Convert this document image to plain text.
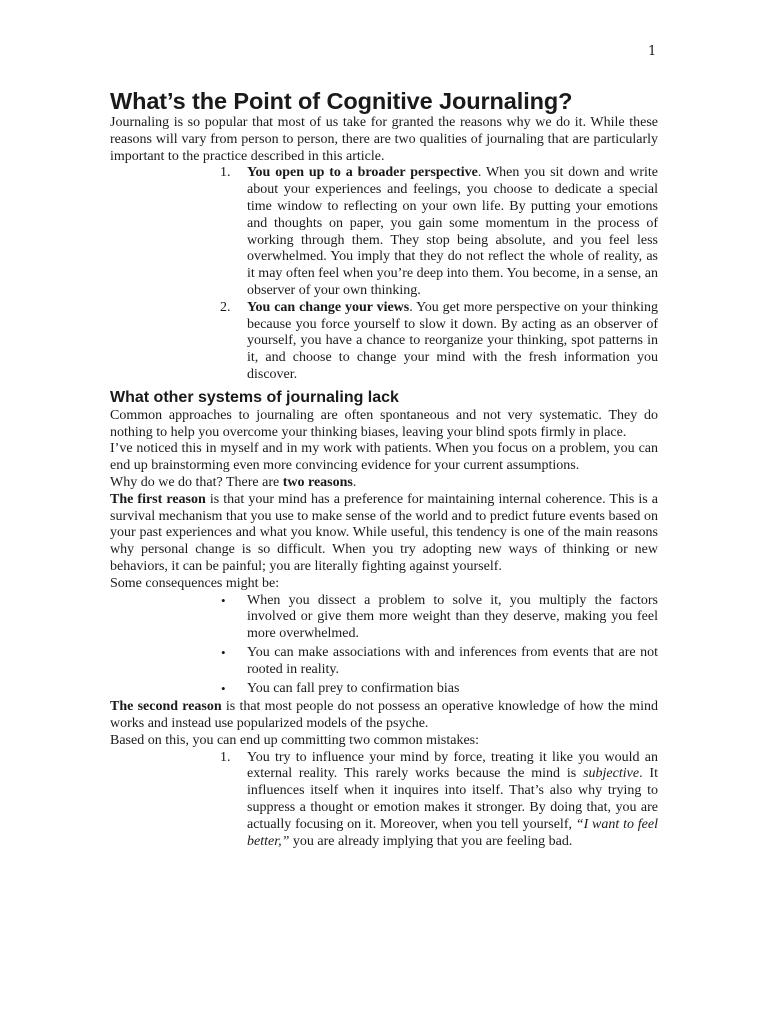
1
What’s the Point of Cognitive Journaling?

Journaling is so popular that most of us take for granted the reasons why we do it. While these reasons will vary from person to person, there are two qualities of journaling that are particularly important to the practice described in this article.

1. You open up to a broader perspective. When you sit down and write about your experiences and feelings, you choose to dedicate a special time window to reflecting on your own life. By putting your emotions and thoughts on paper, you gain some momentum in the process of working through them. They stop being absolute, and you feel less overwhelmed. You imply that they do not reflect the whole of reality, as it may often feel when you’re deep into them. You become, in a sense, an observer of your own thinking.
2. You can change your views. You get more perspective on your thinking because you force yourself to slow it down. By acting as an observer of yourself, you have a chance to reorganize your thinking, spot patterns in it, and choose to change your mind with the fresh information you discover.
What other systems of journaling lack

Common approaches to journaling are often spontaneous and not very systematic. They do nothing to help you overcome your thinking biases, leaving your blind spots firmly in place.

I’ve noticed this in myself and in my work with patients. When you focus on a problem, you can end up brainstorming even more convincing evidence for your current assumptions.

Why do we do that? There are two reasons.

The first reason is that your mind has a preference for maintaining internal coherence. This is a survival mechanism that you use to make sense of the world and to predict future events based on your past experiences and what you know. While useful, this tendency is one of the main reasons why personal change is so difficult. When you try adopting new ways of thinking or new behaviors, it can be painful; you are literally fighting against yourself.

Some consequences might be:

• When you dissect a problem to solve it, you multiply the factors involved or give them more weight than they deserve, making you feel more overwhelmed.
• You can make associations with and inferences from events that are not rooted in reality.
• You can fall prey to confirmation bias

The second reason is that most people do not possess an operative knowledge of how the mind works and instead use popularized models of the psyche.

Based on this, you can end up committing two common mistakes:

1. You try to influence your mind by force, treating it like you would an external reality. This rarely works because the mind is subjective. It influences itself when it inquires into itself. That’s also why trying to suppress a thought or emotion makes it stronger. By doing that, you are actually focusing on it. Moreover, when you tell yourself, “I want to feel better,” you are already implying that you are feeling bad.
